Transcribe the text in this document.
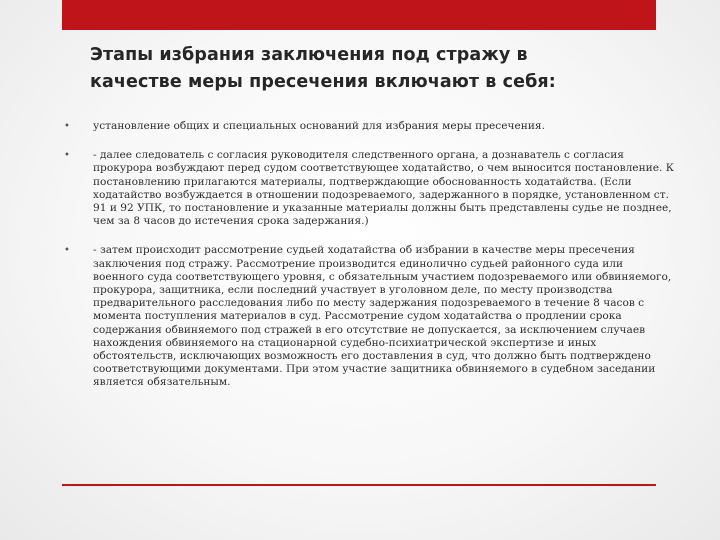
Этапы избрания заключения под стражу в
качестве меры пресечения включают в себя:
• установление общих и специальных оснований для избрания меры пресечения.
• - далее следователь с согласия руководителя следственного органа, а дознаватель с согласия прокурора возбуждают перед судом соответствующее ходатайство, о чем выносится постановление. К постановлению прилагаются материалы, подтверждающие обоснованность ходатайства. (Если ходатайство возбуждается в отношении подозреваемого, задержанного в порядке, установленном ст. 91 и 92 УПК, то постановление и указанные материалы должны быть представлены судье не позднее, чем за 8 часов до истечения срока задержания.)
• - затем происходит рассмотрение судьей ходатайства об избрании в качестве меры пресечения заключения под стражу. Рассмотрение производится единолично судьей районного суда или военного суда соответствующего уровня, с обязательным участием подозреваемого или обвиняемого, прокурора, защитника, если последний участвует в уголовном деле, по месту производства предварительного расследования либо по месту задержания подозреваемого в течение 8 часов с момента поступления материалов в суд. Рассмотрение судом ходатайства о продлении срока содержания обвиняемого под стражей в его отсутствие не допускается, за исключением случаев нахождения обвиняемого на стационарной судебно-психиатрической экспертизе и иных обстоятельств, исключающих возможность его доставления в суд, что должно быть подтверждено соответствующими документами. При этом участие защитника обвиняемого в судебном заседании является обязательным.
